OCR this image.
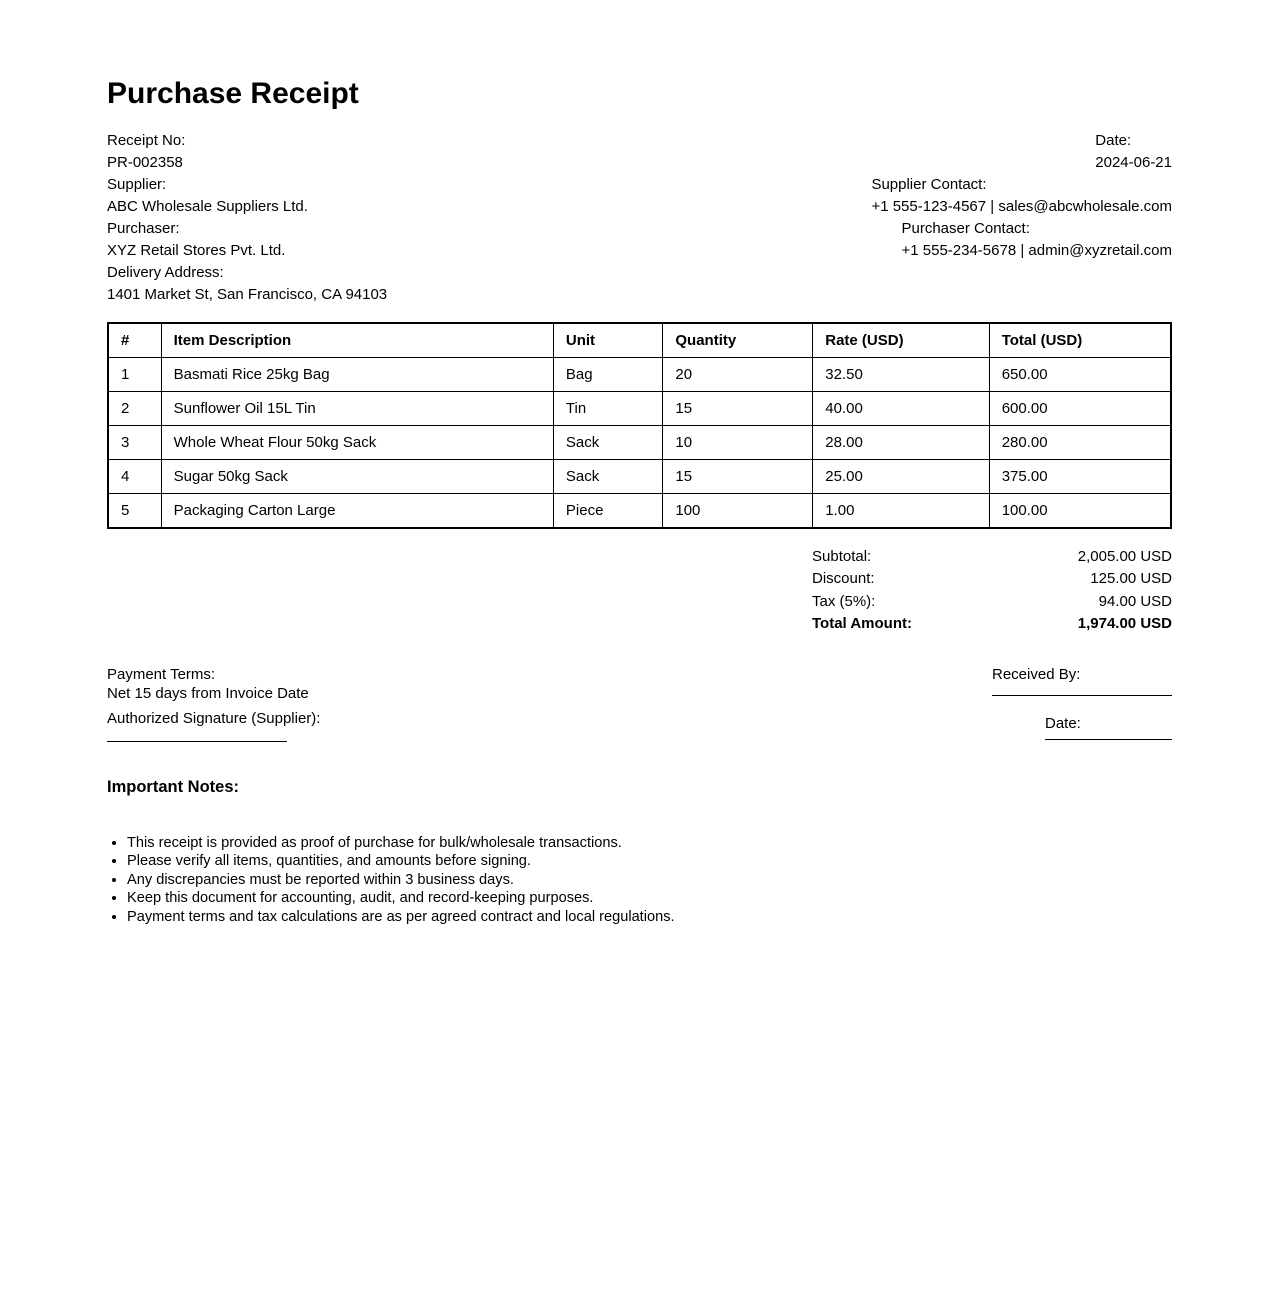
Purchase Receipt
Receipt No:
PR-002358
Date:
2024-06-21
Supplier:
ABC Wholesale Suppliers Ltd.
Supplier Contact:
+1 555-123-4567 | sales@abcwholesale.com
Purchaser:
XYZ Retail Stores Pvt. Ltd.
Purchaser Contact:
+1 555-234-5678 | admin@xyzretail.com
Delivery Address:
1401 Market St, San Francisco, CA 94103
#	Item Description	Unit	Quantity	Rate (USD)	Total (USD)
1	Basmati Rice 25kg Bag	Bag	20	32.50	650.00
2	Sunflower Oil 15L Tin	Tin	15	40.00	600.00
3	Whole Wheat Flour 50kg Sack	Sack	10	28.00	280.00
4	Sugar 50kg Sack	Sack	15	25.00	375.00
5	Packaging Carton Large	Piece	100	1.00	100.00
Subtotal:	2,005.00 USD
Discount:	125.00 USD
Tax (5%):	94.00 USD
Total Amount:	1,974.00 USD
Payment Terms:
Net 15 days from Invoice Date
Authorized Signature (Supplier):
Received By:
Date:
Important Notes:
• This receipt is provided as proof of purchase for bulk/wholesale transactions.
• Please verify all items, quantities, and amounts before signing.
• Any discrepancies must be reported within 3 business days.
• Keep this document for accounting, audit, and record-keeping purposes.
• Payment terms and tax calculations are as per agreed contract and local regulations.
